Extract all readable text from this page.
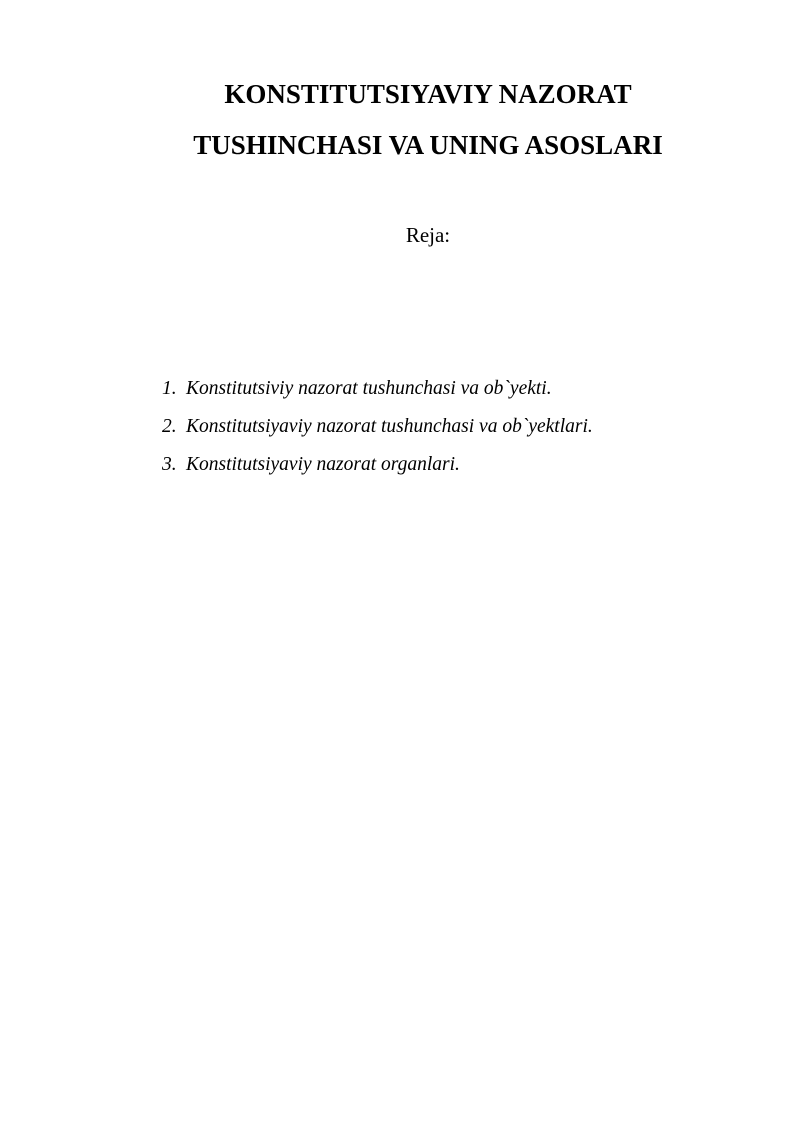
KONSTITUTSIYAVIY NAZORAT
TUSHINCHASI VA UNING ASOSLARI
Reja:
1. Konstitutsiviy nazorat tushunchasi va ob`yekti.
2. Konstitutsiyaviy nazorat tushunchasi va ob`yektlari.
3. Konstitutsiyaviy nazorat organlari.
